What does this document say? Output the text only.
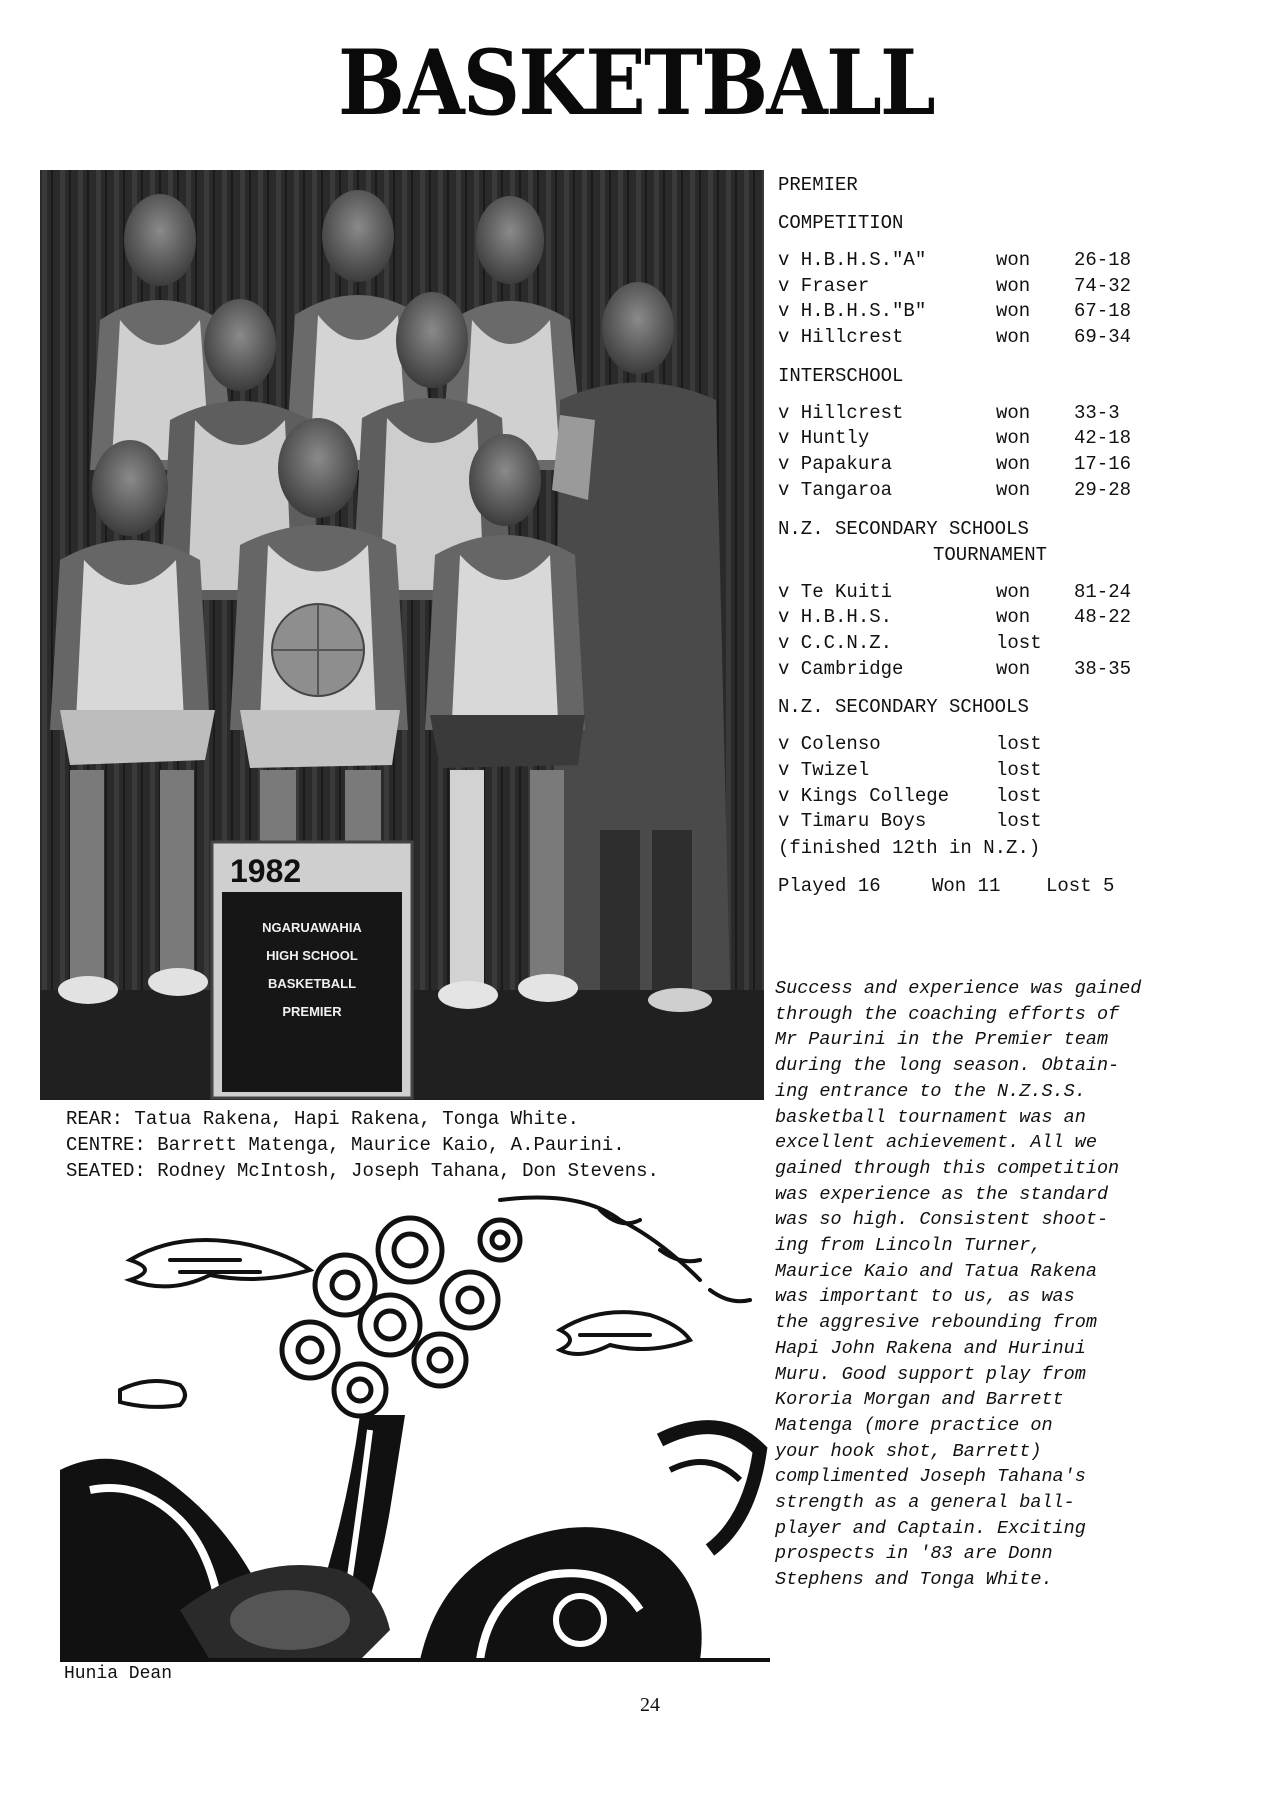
BASKETBALL
1982
NGARUAWAHIA
HIGH SCHOOL
BASKETBALL
PREMIER
REAR: Tatua Rakena, Hapi Rakena, Tonga White.
CENTRE: Barrett Matenga, Maurice Kaio, A.Paurini.
SEATED: Rodney McIntosh, Joseph Tahana, Don Stevens.
PREMIER
COMPETITION
v H.B.H.S."A"	won	26-18
v Fraser	won	74-32
v H.B.H.S."B"	won	67-18
v Hillcrest	won	69-34
INTERSCHOOL
v Hillcrest	won	33-3
v Huntly	won	42-18
v Papakura	won	17-16
v Tangaroa	won	29-28
N.Z. SECONDARY SCHOOLS
TOURNAMENT
v Te Kuiti	won	81-24
v H.B.H.S.	won	48-22
v C.C.N.Z.	lost
v Cambridge	won	38-35
N.Z. SECONDARY SCHOOLS
v Colenso	lost
v Twizel	lost
v Kings College	lost
v Timaru Boys	lost
(finished 12th in N.Z.)
Played 16	Won 11	Lost 5
Success and experience was gained
through the coaching efforts of
Mr Paurini in the Premier team
during the long season. Obtain-
ing entrance to the N.Z.S.S.
basketball tournament was an
excellent achievement. All we
gained through this competition
was experience as the standard
was so high. Consistent shoot-
ing from Lincoln Turner,
Maurice Kaio and Tatua Rakena
was important to us, as was
the aggresive rebounding from
Hapi John Rakena and Hurinui
Muru. Good support play from
Kororia Morgan and Barrett
Matenga (more practice on
your hook shot, Barrett)
complimented Joseph Tahana's
strength as a general ball-
player and Captain. Exciting
prospects in '83 are Donn
Stephens and Tonga White.
Hunia Dean
24
